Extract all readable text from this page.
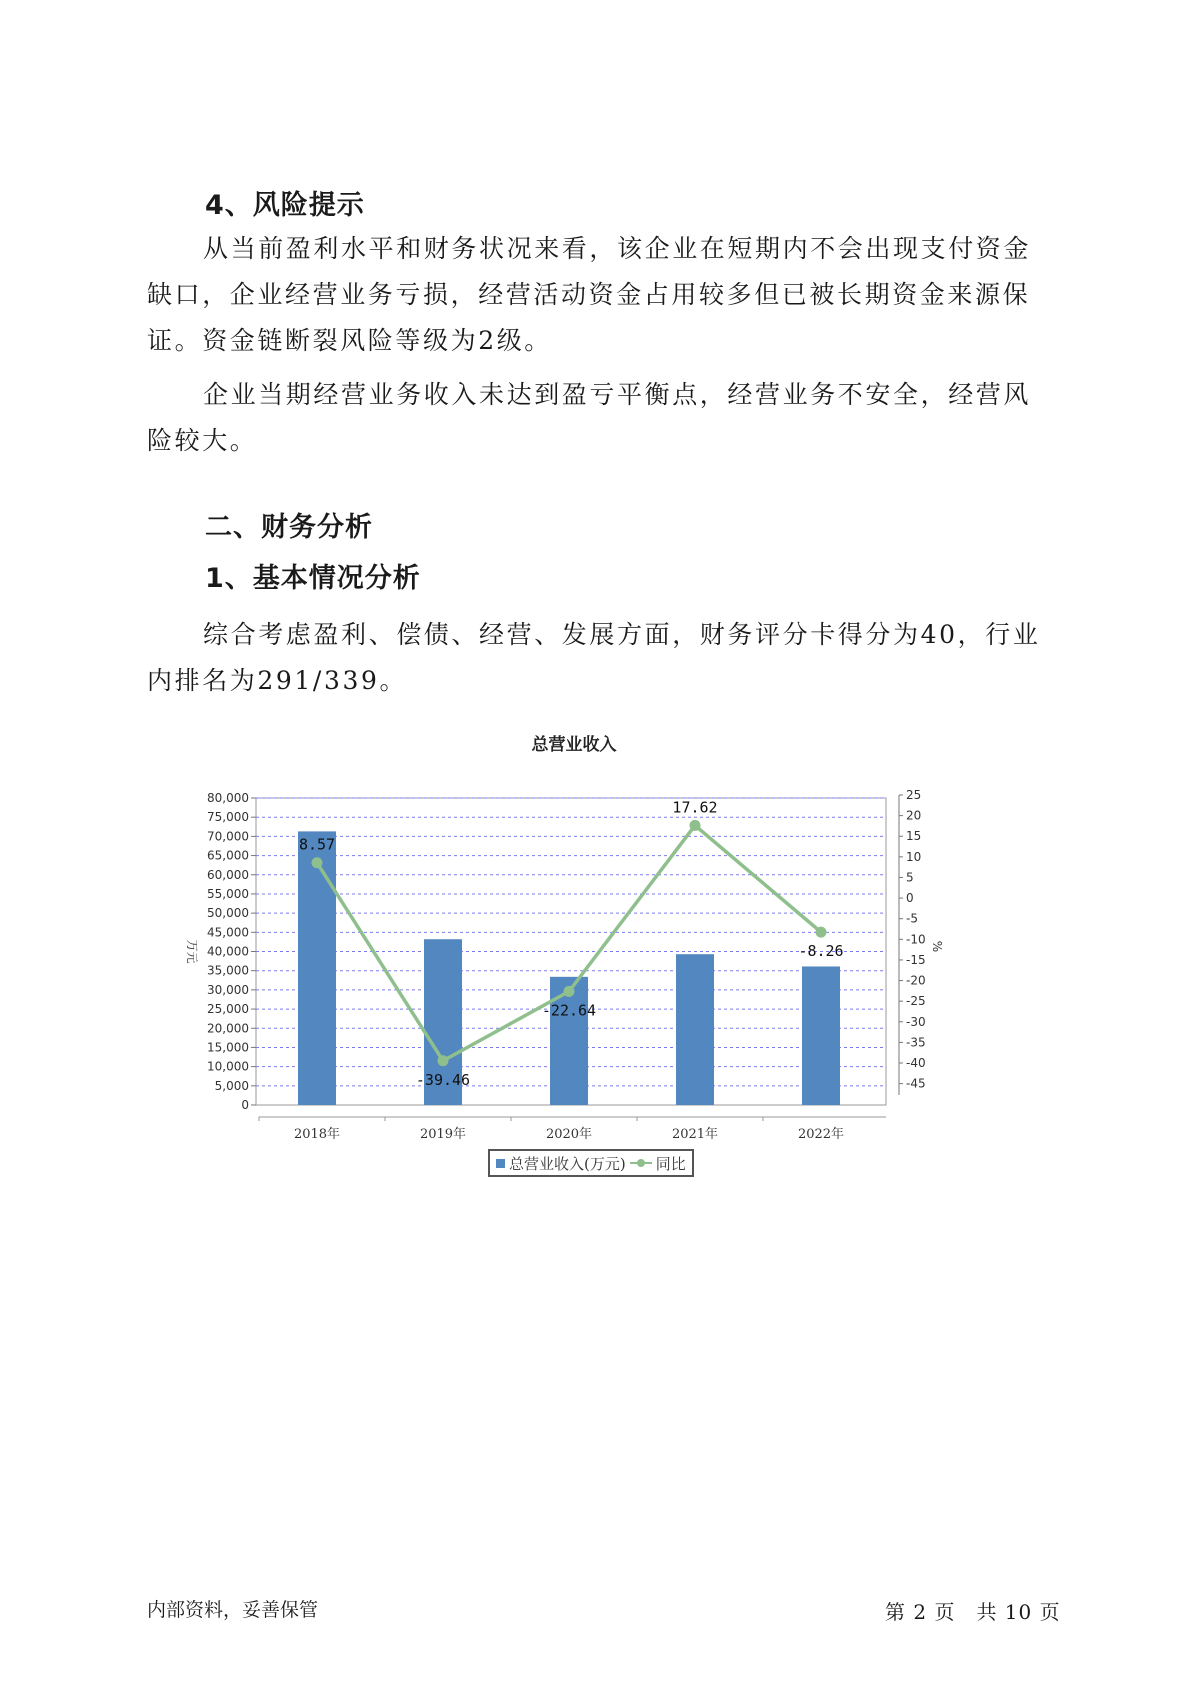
4、风险提示

从当前盈利水平和财务状况来看，该企业在短期内不会出现支付资金缺口，企业经营业务亏损，经营活动资金占用较多但已被长期资金来源保证。资金链断裂风险等级为2级。

企业当期经营业务收入未达到盈亏平衡点，经营业务不安全，经营风险较大。

二、财务分析
1、基本情况分析

综合考虑盈利、偿债、经营、发展方面，财务评分卡得分为40，行业内排名为291/339。

总营业收入
0
5,000
10,000
15,000
20,000
25,000
30,000
35,000
40,000
45,000
50,000
55,000
60,000
65,000
70,000
75,000
80,000	25
20
15
10
5
0
-5
-10
-15
-20
-25
-30
-35
-40
-45
万元	%
2018年	2019年	2020年	2021年	2022年
8.57
-39.46
-22.64
17.62
-8.26
总营业收入(万元) 同比
内部资料，妥善保管	第 2 页　共 10 页
